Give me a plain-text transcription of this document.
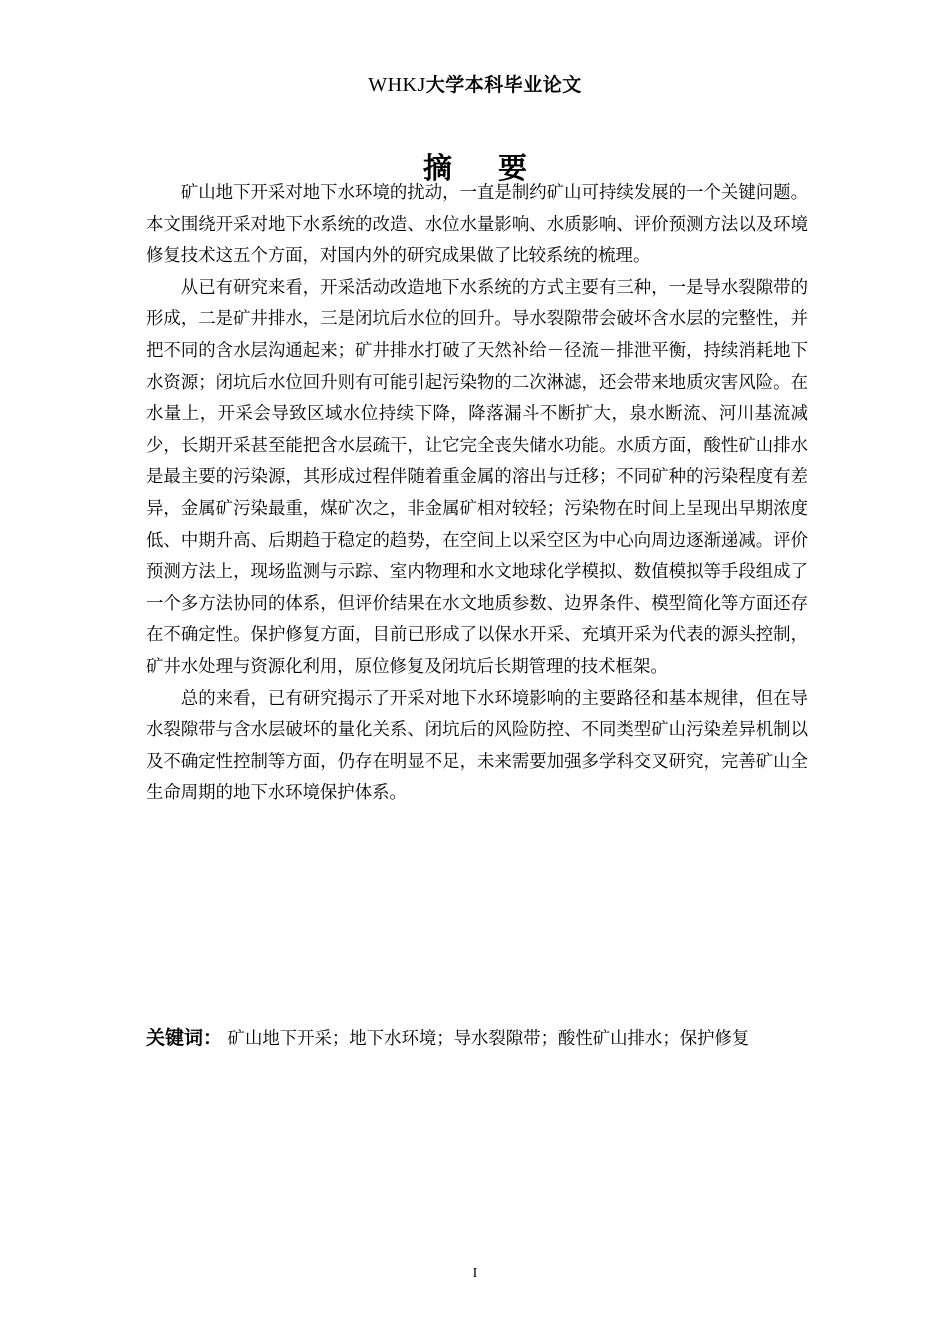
WHKJ大学本科毕业论文
摘 要

矿山地下开采对地下水环境的扰动，一直是制约矿山可持续发展的一个关键问题。本文围绕开采对地下水系统的改造、水位水量影响、水质影响、评价预测方法以及环境修复技术这五个方面，对国内外的研究成果做了比较系统的梳理。

从已有研究来看，开采活动改造地下水系统的方式主要有三种，一是导水裂隙带的形成，二是矿井排水，三是闭坑后水位的回升。导水裂隙带会破坏含水层的完整性，并把不同的含水层沟通起来；矿井排水打破了天然补给－径流－排泄平衡，持续消耗地下水资源；闭坑后水位回升则有可能引起污染物的二次淋滤，还会带来地质灾害风险。在水量上，开采会导致区域水位持续下降，降落漏斗不断扩大，泉水断流、河川基流减少，长期开采甚至能把含水层疏干，让它完全丧失储水功能。水质方面，酸性矿山排水是最主要的污染源，其形成过程伴随着重金属的溶出与迁移；不同矿种的污染程度有差异，金属矿污染最重，煤矿次之，非金属矿相对较轻；污染物在时间上呈现出早期浓度低、中期升高、后期趋于稳定的趋势，在空间上以采空区为中心向周边逐渐递减。评价预测方法上，现场监测与示踪、室内物理和水文地球化学模拟、数值模拟等手段组成了一个多方法协同的体系，但评价结果在水文地质参数、边界条件、模型简化等方面还存在不确定性。保护修复方面，目前已形成了以保水开采、充填开采为代表的源头控制，矿井水处理与资源化利用，原位修复及闭坑后长期管理的技术框架。

总的来看，已有研究揭示了开采对地下水环境影响的主要路径和基本规律，但在导水裂隙带与含水层破坏的量化关系、闭坑后的风险防控、不同类型矿山污染差异机制以及不确定性控制等方面，仍存在明显不足，未来需要加强多学科交叉研究，完善矿山全生命周期的地下水环境保护体系。

关键词： 矿山地下开采；地下水环境；导水裂隙带；酸性矿山排水；保护修复
I
